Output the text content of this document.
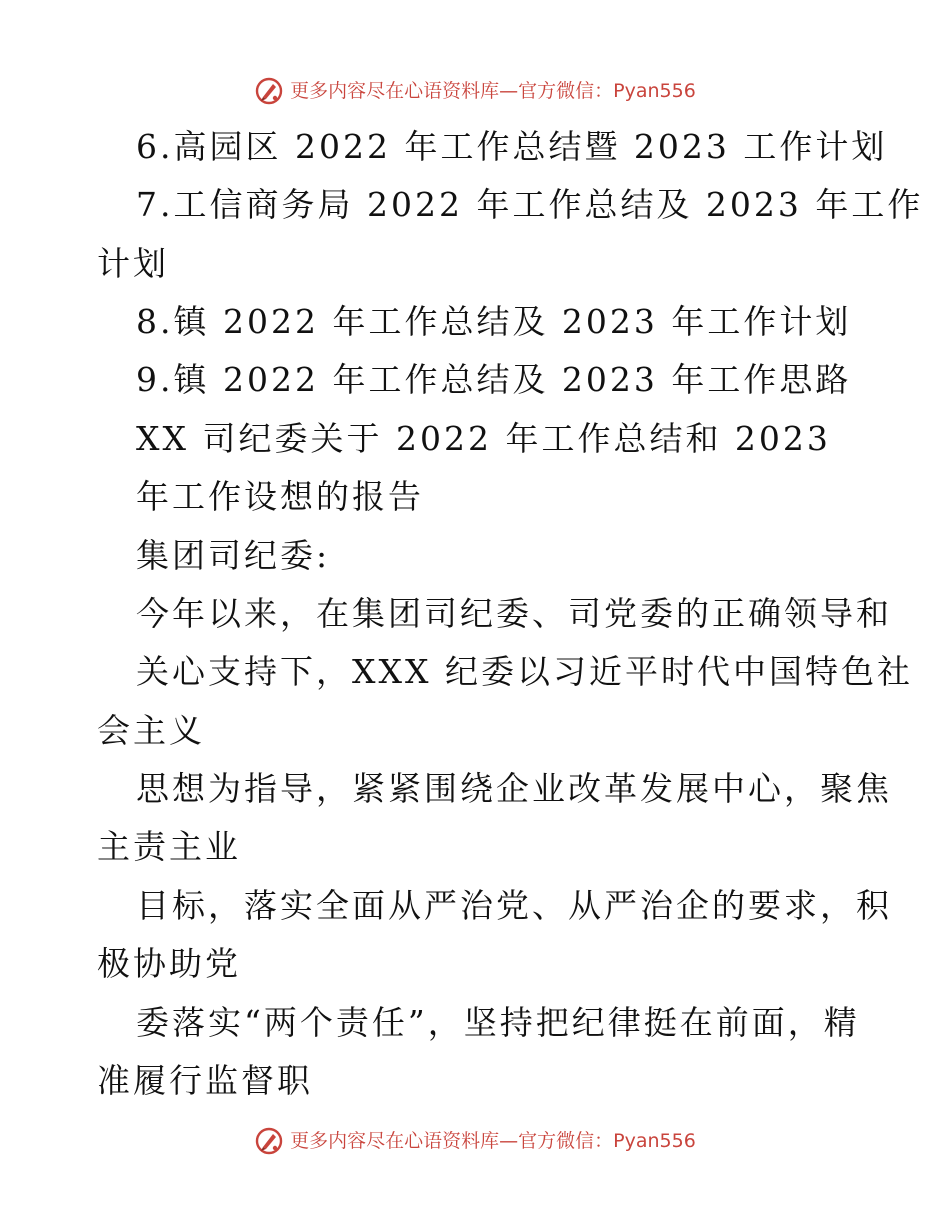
更多内容尽在心语资料库—官方微信：Pyan556
6.高园区 2022 年工作总结暨 2023 工作计划
7.工信商务局 2022 年工作总结及 2023 年工作
计划
8.镇 2022 年工作总结及 2023 年工作计划
9.镇 2022 年工作总结及 2023 年工作思路
XX 司纪委关于 2022 年工作总结和 2023
年工作设想的报告
集团司纪委:
今年以来，在集团司纪委、司党委的正确领导和
关心支持下，XXX 纪委以习近平时代中国特色社
会主义
思想为指导，紧紧围绕企业改革发展中心，聚焦
主责主业
目标，落实全面从严治党、从严治企的要求，积
极协助党
委落实“两个责任”，坚持把纪律挺在前面，精
准履行监督职
更多内容尽在心语资料库—官方微信：Pyan556
